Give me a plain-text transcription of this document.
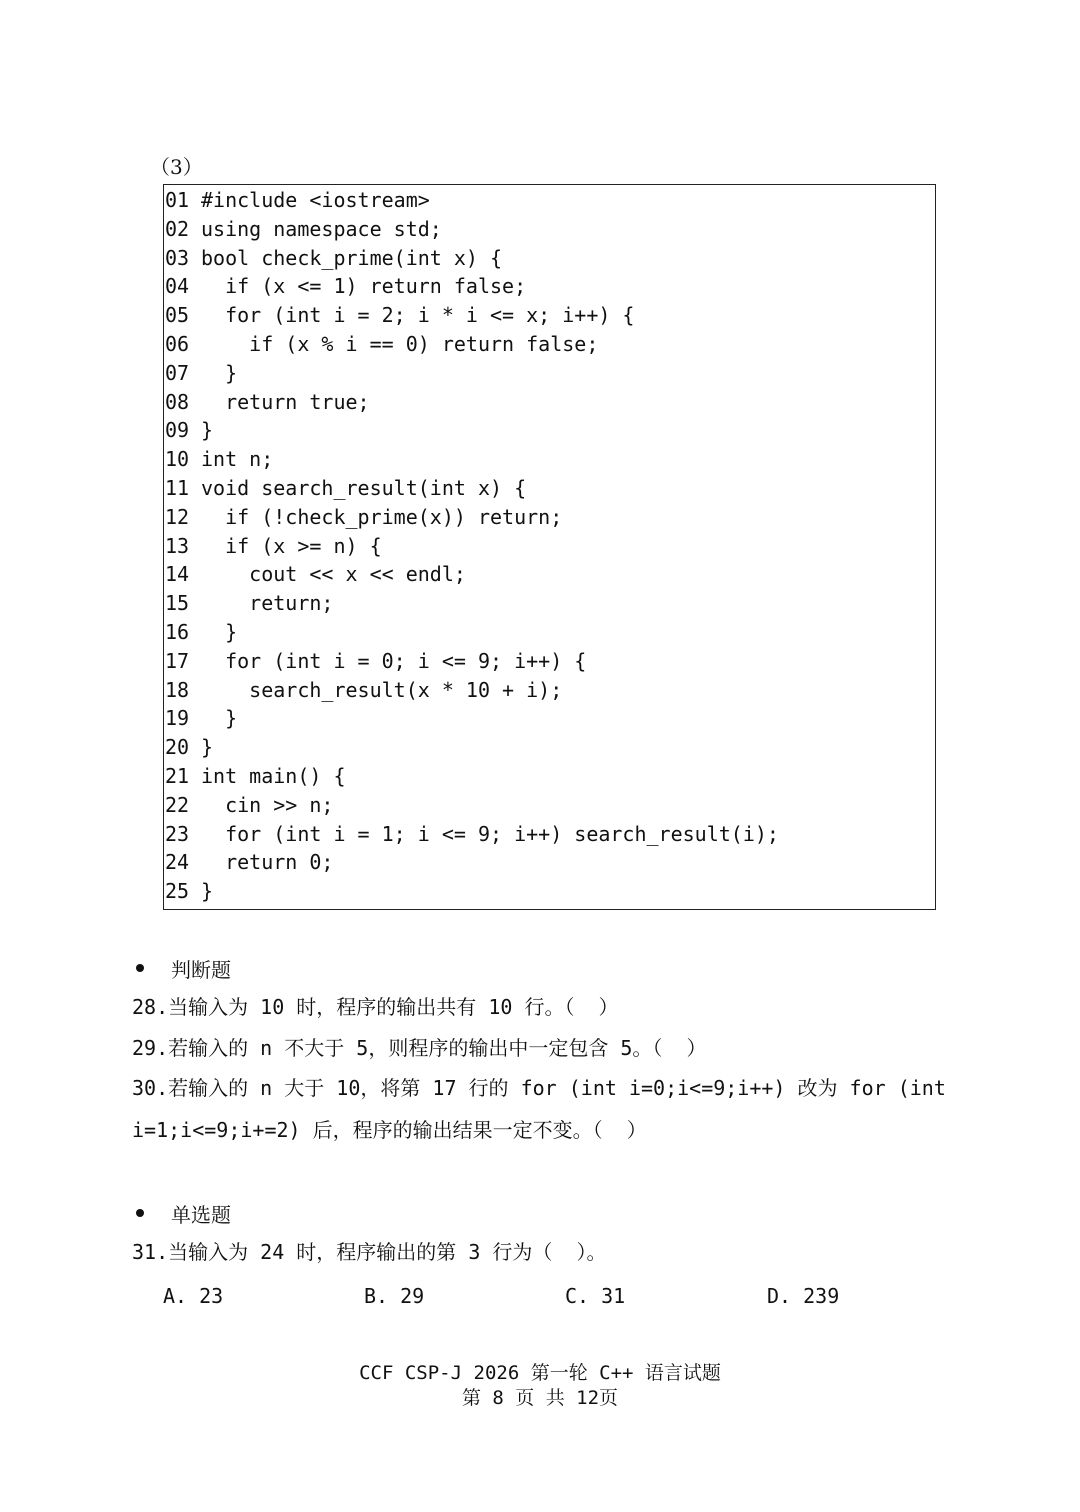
（3）
01 #include <iostream>
02 using namespace std;
03 bool check_prime(int x) {
04 if (x <= 1) return false;
05 for (int i = 2; i * i <= x; i++) {
06 if (x % i == 0) return false;
07 }
08 return true;
09 }
10 int n;
11 void search_result(int x) {
12 if (!check_prime(x)) return;
13 if (x >= n) {
14 cout << x << endl;
15 return;
16 }
17 for (int i = 0; i <= 9; i++) {
18 search_result(x * 10 + i);
19 }
20 }
21 int main() {
22 cin >> n;
23 for (int i = 1; i <= 9; i++) search_result(i);
24 return 0;
25 }
判断题
28.当输入为 10 时，程序的输出共有 10 行。（  ）
29.若输入的 n 不大于 5，则程序的输出中一定包含 5。（  ）
30.若输入的 n 大于 10，将第 17 行的 for (int i=0;i<=9;i++) 改为 for (int
i=1;i<=9;i+=2) 后，程序的输出结果一定不变。（  ）
单选题
31.当输入为 24 时，程序输出的第 3 行为（  ）。
A. 23	B. 29	C. 31	D. 239
CCF CSP-J 2026 第一轮 C++ 语言试题
第 8 页 共 12页
